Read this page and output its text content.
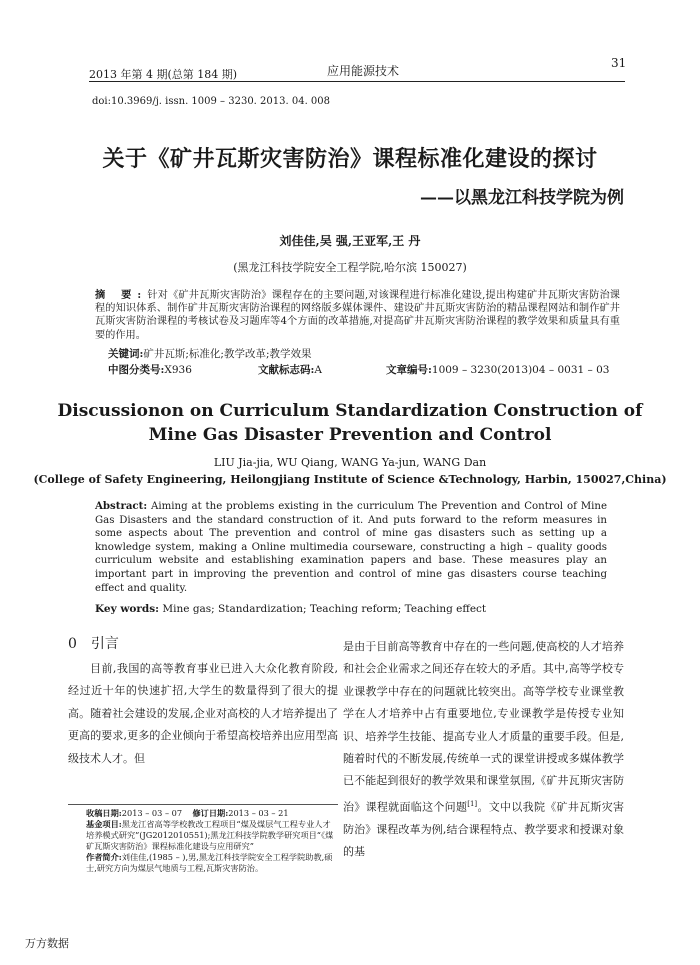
2013 年第 4 期(总第 184 期)	应用能源技术
31
doi:10.3969/j. issn. 1009 – 3230. 2013. 04. 008
关于《矿井瓦斯灾害防治》课程标准化建设的探讨
——以黑龙江科技学院为例
刘佳佳,吴 强,王亚军,王 丹
(黑龙江科技学院安全工程学院,哈尔滨 150027)
摘 要:针对《矿井瓦斯灾害防治》课程存在的主要问题,对该课程进行标准化建设,提出构建矿井瓦斯灾害防治课程的知识体系、制作矿井瓦斯灾害防治课程的网络版多媒体课件、建设矿井瓦斯灾害防治的精品课程网站和制作矿井瓦斯灾害防治课程的考核试卷及习题库等4个方面的改革措施,对提高矿井瓦斯灾害防治课程的教学效果和质量具有重要的作用。
关键词:矿井瓦斯;标准化;教学改革;教学效果
中图分类号:X936	文献标志码:A	文章编号:1009 – 3230(2013)04 – 0031 – 03
Discussionon on Curriculum Standardization Construction of
Mine Gas Disaster Prevention and Control
LIU Jia-jia, WU Qiang, WANG Ya-jun, WANG Dan
(College of Safety Engineering, Heilongjiang Institute of Science &Technology, Harbin, 150027,China)
Abstract: Aiming at the problems existing in the curriculum The Prevention and Control of Mine Gas Disasters and the standard construction of it. And puts forward to the reform measures in some aspects about The prevention and control of mine gas disasters such as setting up a knowledge system, making a Online multimedia courseware, constructing a high – quality goods curriculum website and establishing examination papers and base. These measures play an important part in improving the prevention and control of mine gas disasters course teaching effect and quality.
Key words: Mine gas; Standardization; Teaching reform; Teaching effect
0 引言
目前,我国的高等教育事业已进入大众化教育阶段,经过近十年的快速扩招,大学生的数量得到了很大的提高。随着社会建设的发展,企业对高校的人才培养提出了更高的要求,更多的企业倾向于希望高校培养出应用型高级技术人才。但

收稿日期:2013 – 03 – 07 修订日期:2013 – 03 – 21

基金项目:黑龙江省高等学校教改工程项目“煤及煤层气工程专业人才培养模式研究”(JG2012010551);黑龙江科技学院教学研究项目“《煤矿瓦斯灾害防治》课程标准化建设与应用研究”

作者简介:刘佳佳,(1985 – ),男,黑龙江科技学院安全工程学院助教,硕士,研究方向为煤层气地质与工程,瓦斯灾害防治。

是由于目前高等教育中存在的一些问题,使高校的人才培养和社会企业需求之间还存在较大的矛盾。其中,高等学校专业课教学中存在的问题就比较突出。高等学校专业课堂教学在人才培养中占有重要地位,专业课教学是传授专业知识、培养学生技能、提高专业人才质量的重要手段。但是,随着时代的不断发展,传统单一式的课堂讲授或多媒体教学已不能起到很好的教学效果和课堂氛围,《矿井瓦斯灾害防治》课程就面临这个问题[1]。文中以我院《矿井瓦斯灾害防治》课程改革为例,结合课程特点、教学要求和授课对象的基
万方数据
